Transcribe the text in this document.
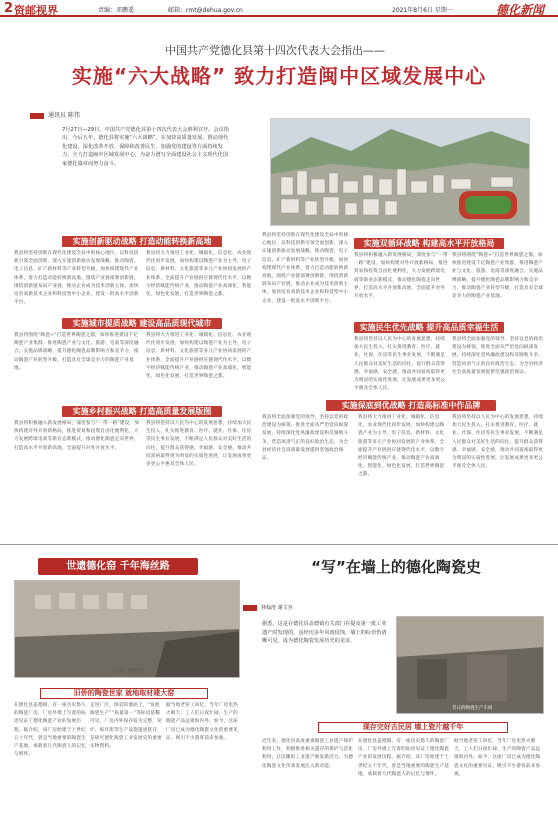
2 资邮视界	责编：邓鹏遥	邮箱：rmt@dehua.gov.cn	2021年8月6日 星期一	德化新闻
中国共产党德化县第十四次代表大会指出——
实施“六大战略” 致力打造闽中区域发展中心
通讯员 陈伟
7月27日—29日，中国共产党德化县第十四次代表大会胜利召开。会议指出，今后五年，德化县将实施“六大战略”，在加快高质量发展、推动现代化建设、深化改革开放、保障和改善民生、加强党的建设等方面持续发力，全力打造闽中区域发展中心，为奋力谱写全面建设社会主义现代化国家德化篇章而努力奋斗。
实施创新驱动战略 打造动能转换新高地
我县将坚持创新在现代化建设全局中的核心地位，以科技创新引领全面创新，深入实施创新驱动发展战略，推动陶瓷、电子信息、矿产新材料等产业转型升级，加快构建现代产业体系，着力打造动能转换新高地。围绕产业链部署创新链，围绕创新链布局产业链，推动企业成为技术创新主体，加快培育高新技术企业和科技型中小企业，建设一批高水平创新平台。
我县将大力推进工业化、城镇化、信息化、农业现代化同步发展，加快构建以陶瓷产业为主导，电子信息、新材料、文化旅游等多元产业协同发展的产业体系，全面提升产业链供应链现代化水平，以数字经济赋能传统产业，推动陶瓷产业高端化、智能化、绿色化发展，打造世界陶瓷之都。
实施城市提质战略 建设高品质现代城市
我县将围绕“陶瓷+”打造世界陶瓷之都，加快推进建设千亿陶瓷产业集群，推进陶瓷产业与文化、旅游、电商等深度融合，实施品牌战略，提升德化陶瓷品牌影响力和竞争力，推动陶瓷产业转型升级，打造具有全球竞争力的陶瓷产业基地。
我县将大力推进工业化、城镇化、信息化、农业现代化同步发展，加快构建以陶瓷产业为主导，电子信息、新材料、文化旅游等多元产业协同发展的产业体系，全面提升产业链供应链现代化水平，以数字经济赋能传统产业，推动陶瓷产业高端化、智能化、绿色化发展，打造世界陶瓷之都。
实施乡村振兴战略 打造高质量发展版图
我县将积极融入新发展格局，深度参与“一带一路”建设，加快构建对外开放新格局，推进贸易和投资自由化便利化，大力发展跨境电商等新业态新模式，推动德化陶瓷走向世界，打造高水平开放新高地，全面提升对外开放水平。
我县将坚持以人民为中心的发展思想，持续加大民生投入，扎实推进教育、医疗、就业、社保、住房等民生事业发展，不断满足人民群众对美好生活的向往，提升群众获得感、幸福感、安全感，推动共同富裕取得更为明显的实质性进展，让发展成果更多更公平惠及全体人民。
我县将坚持创新在现代化建设全局中的核心地位，以科技创新引领全面创新，深入实施创新驱动发展战略，推动陶瓷、电子信息、矿产新材料等产业转型升级，加快构建现代产业体系，着力打造动能转换新高地。围绕产业链部署创新链，围绕创新链布局产业链，推动企业成为技术创新主体，加快培育高新技术企业和科技型中小企业，建设一批高水平创新平台。
实施双循环战略 构建高水平开放格局
我县将积极融入新发展格局，深度参与“一带一路”建设，加快构建对外开放新格局，推进贸易和投资自由化便利化，大力发展跨境电商等新业态新模式，推动德化陶瓷走向世界，打造高水平开放新高地，全面提升对外开放水平。
我县将围绕“陶瓷+”打造世界陶瓷之都，加快推进建设千亿陶瓷产业集群，推进陶瓷产业与文化、旅游、电商等深度融合，实施品牌战略，提升德化陶瓷品牌影响力和竞争力，推动陶瓷产业转型升级，打造具有全球竞争力的陶瓷产业基地。
实施民生优先战略 提升高品质幸福生活
我县将坚持以人民为中心的发展思想，持续加大民生投入，扎实推进教育、医疗、就业、社保、住房等民生事业发展，不断满足人民群众对美好生活的向往，提升群众获得感、幸福感、安全感，推动共同富裕取得更为明显的实质性进展，让发展成果更多更公平惠及全体人民。
我县将全面加强党的领导，坚持以党的政治建设为统领，推进全面从严治党向纵深发展，持续深化党风廉政建设和反腐败斗争，营造风清气正的良好政治生态，为全县经济社会高质量发展提供坚强政治保证。
实施保底到优战略 打造高标准中作品牌
我县将全面加强党的领导，坚持以党的政治建设为统领，推进全面从严治党向纵深发展，持续深化党风廉政建设和反腐败斗争，营造风清气正的良好政治生态，为全县经济社会高质量发展提供坚强政治保证。
我县将大力推进工业化、城镇化、信息化、农业现代化同步发展，加快构建以陶瓷产业为主导，电子信息、新材料、文化旅游等多元产业协同发展的产业体系，全面提升产业链供应链现代化水平，以数字经济赋能传统产业，推动陶瓷产业高端化、智能化、绿色化发展，打造世界陶瓷之都。
我县将坚持以人民为中心的发展思想，持续加大民生投入，扎实推进教育、医疗、就业、社保、住房等民生事业发展，不断满足人民群众对美好生活的向往，提升群众获得感、幸福感、安全感，推动共同富裕取得更为明显的实质性进展，让发展成果更多更公平惠及全体人民。
世遗德化窑 千年海丝路	“写”在墙上的德化陶瓷史
林翰澄 谢文容
据悉，这是在德化县盖德镇有关部门在提及第一批工业遗产时发现的，虽经历多年风雨侵蚀，墙上的标语仍清晰可见，成为德化陶瓷发展历史的见证。
写在墙上的陶瓷史
昔日的陶瓷生产车间
旧侨的陶瓷世家 就地取材建大窑
现存完好古民居 墙上瓷片越千年
在德化县盖德镇，有一座历史悠久的陶瓷厂房，厂房外墙上写着的标语见证了德化陶瓷产业的发展历程。据介绍，该厂房始建于上世纪五十年代，曾是当地重要的陶瓷生产基地，承载着几代陶瓷人的记忆与情怀。
走进厂区，斑驳的墙面上，“发展陶瓷生产”“质量第一”等标语依稀可见，厂房内外保存较为完整，窑炉、晾坯架等生产设施遗迹犹存，是研究德化陶瓷工业发展史的重要实物资料。
据当地老窑工回忆，当年厂房里热火朝天，工人们日夜忙碌，生产的陶瓷产品远销海内外。如今，这座厂房已成为德化陶瓷文化的重要见证，吸引不少游客前来参观。
近年来，德化县高度重视陶瓷工业遗产保护利用工作，积极推进相关遗存的保护与活化利用，让沉睡的工业遗产焕发新活力，为德化陶瓷文化传承发展注入新动能。
在德化县盖德镇，有一座历史悠久的陶瓷厂房，厂房外墙上写着的标语见证了德化陶瓷产业的发展历程。据介绍，该厂房始建于上世纪五十年代，曾是当地重要的陶瓷生产基地，承载着几代陶瓷人的记忆与情怀。
据当地老窑工回忆，当年厂房里热火朝天，工人们日夜忙碌，生产的陶瓷产品远销海内外。如今，这座厂房已成为德化陶瓷文化的重要见证，吸引不少游客前来参观。
